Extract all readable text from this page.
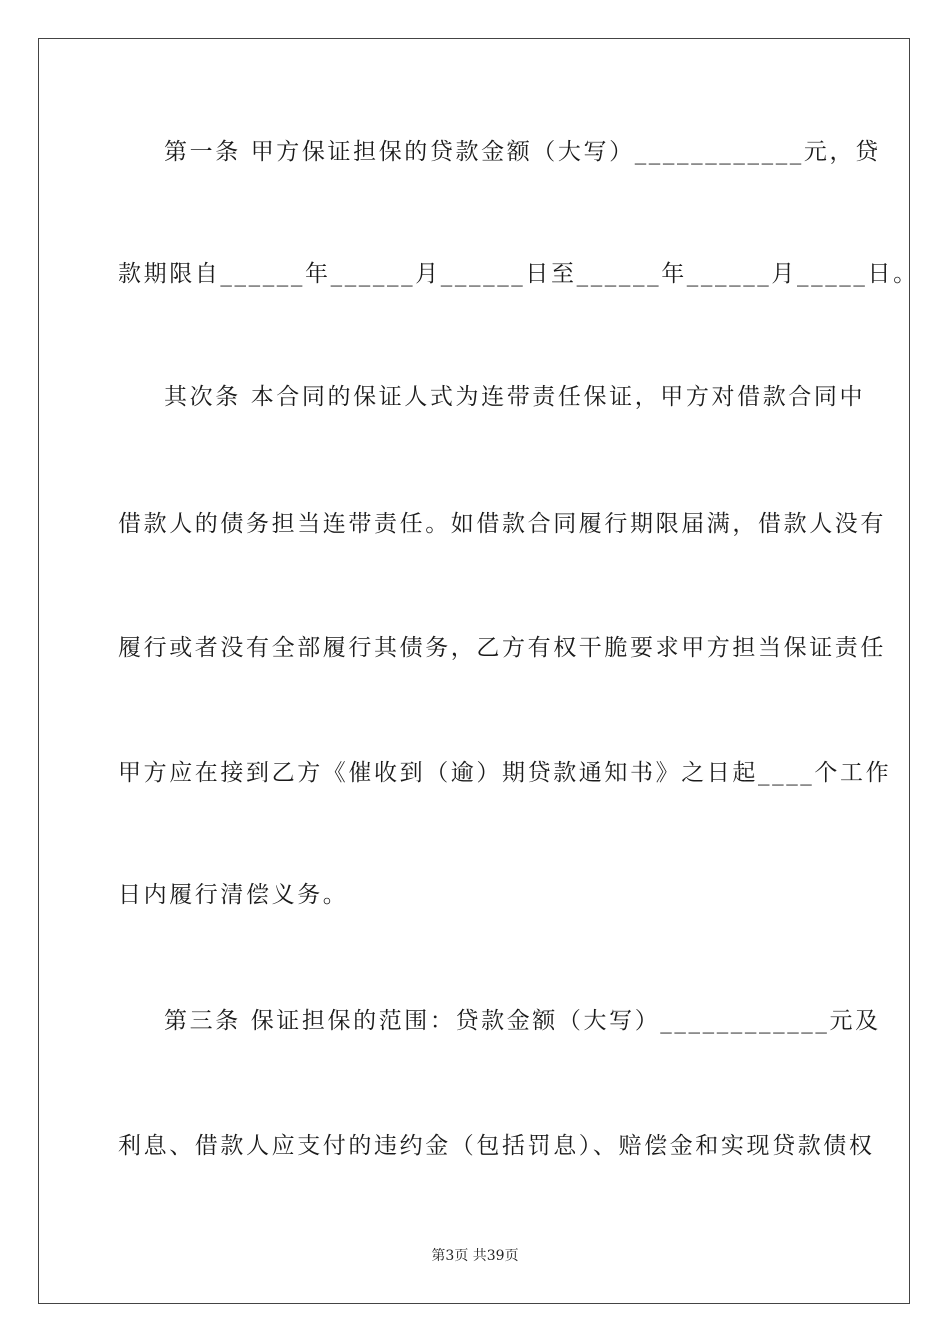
第一条 甲方保证担保的贷款金额（大写）____________元，贷
款期限自______年______月______日至______年______月_____日。
其次条 本合同的保证人式为连带责任保证，甲方对借款合同中
借款人的债务担当连带责任。如借款合同履行期限届满，借款人没有
履行或者没有全部履行其债务，乙方有权干脆要求甲方担当保证责任
甲方应在接到乙方《催收到（逾）期贷款通知书》之日起____个工作
日内履行清偿义务。
第三条 保证担保的范围：贷款金额（大写）____________元及
利息、借款人应支付的违约金（包括罚息）、赔偿金和实现贷款债权
第3页 共39页
